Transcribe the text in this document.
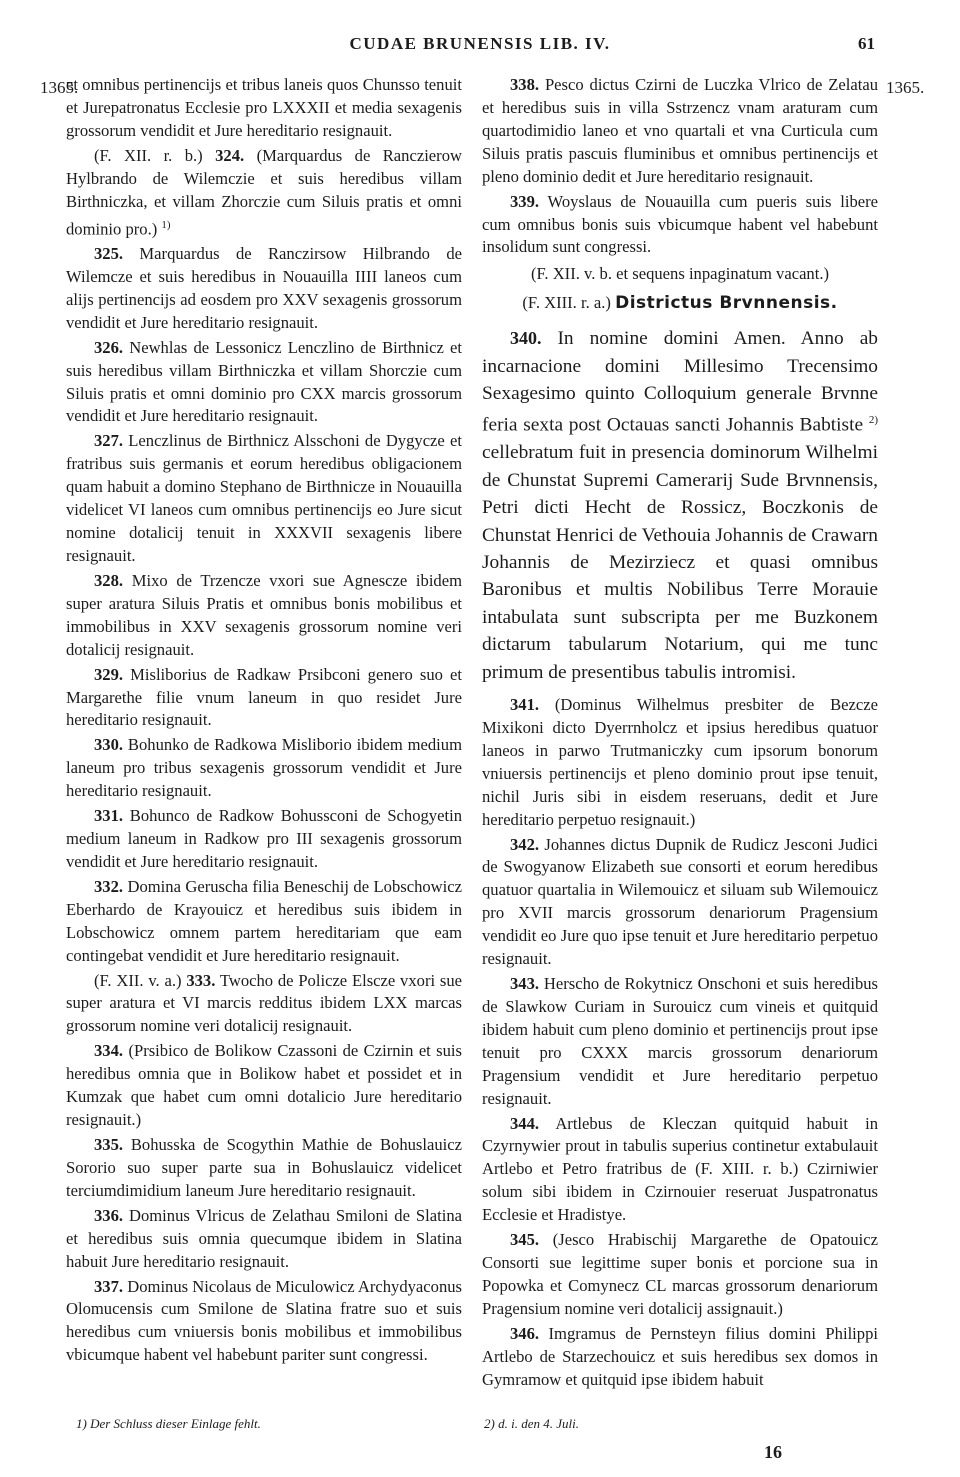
CUDAE BRUNENSIS LIB. IV.	61
1365.	1365.

et omnibus pertinencijs et tribus laneis quos Chunsso tenuit et Jurepatronatus Ecclesie pro LXXXII et media sexagenis grossorum vendidit et Jure hereditario resignauit.

(F. XII. r. b.) 324. (Marquardus de Ranczierow Hylbrando de Wilemczie et suis heredibus villam Birthniczka, et villam Zhorczie cum Siluis pratis et omni dominio pro.) $^{1)}$

325. Marquardus de Ranczirsow Hilbrando de Wilemcze et suis heredibus in Nouauilla IIII laneos cum alijs pertinencijs ad eosdem pro XXV sexagenis grossorum vendidit et Jure hereditario resignauit.

326. Newhlas de Lessonicz Lenczlino de Birthnicz et suis heredibus villam Birthniczka et villam Shorczie cum Siluis pratis et omni dominio pro CXX marcis grossorum vendidit et Jure hereditario resignauit.

327. Lenczlinus de Birthnicz Alsschoni de Dygycze et fratribus suis germanis et eorum heredibus obligacionem quam habuit a domino Stephano de Birthnicze in Nouauilla videlicet VI laneos cum omnibus pertinencijs eo Jure sicut nomine dotalicij tenuit in XXXVII sexagenis libere resignauit.

328. Mixo de Trzencze vxori sue Agnescze ibidem super aratura Siluis Pratis et omnibus bonis mobilibus et immobilibus in XXV sexagenis grossorum nomine veri dotalicij resignauit.

329. Misliborius de Radkaw Prsibconi genero suo et Margarethe filie vnum laneum in quo residet Jure hereditario resignauit.

330. Bohunko de Radkowa Misliborio ibidem medium laneum pro tribus sexagenis grossorum vendidit et Jure hereditario resignauit.

331. Bohunco de Radkow Bohussconi de Schogyetin medium laneum in Radkow pro III sexagenis grossorum vendidit et Jure hereditario resignauit.

332. Domina Geruscha filia Beneschij de Lobschowicz Eberhardo de Krayouicz et heredibus suis ibidem in Lobschowicz omnem partem hereditariam que eam contingebat vendidit et Jure hereditario resignauit.

(F. XII. v. a.) 333. Twocho de Policze Elscze vxori sue super aratura et VI marcis redditus ibidem LXX marcas grossorum nomine veri dotalicij resignauit.

334. (Prsibico de Bolikow Czassoni de Czirnin et suis heredibus omnia que in Bolikow habet et possidet et in Kumzak que habet cum omni dotalicio Jure hereditario resignauit.)

335. Bohusska de Scogythin Mathie de Bohuslauicz Sororio suo super parte sua in Bohuslauicz videlicet terciumdimidium laneum Jure hereditario resignauit.

336. Dominus Vlricus de Zelathau Smiloni de Slatina et heredibus suis omnia quecumque ibidem in Slatina habuit Jure hereditario resignauit.

337. Dominus Nicolaus de Miculowicz Archydyaconus Olomucensis cum Smilone de Slatina fratre suo et suis heredibus cum vniuersis bonis mobilibus et immobilibus vbicumque habent vel habebunt pariter sunt congressi.

338. Pesco dictus Czirni de Luczka Vlrico de Zelatau et heredibus suis in villa Sstrzencz vnam araturam cum quartodimidio laneo et vno quartali et vna Curticula cum Siluis pratis pascuis fluminibus et omnibus pertinencijs et pleno dominio dedit et Jure hereditario resignauit.

339. Woyslaus de Nouauilla cum pueris suis libere cum omnibus bonis suis vbicumque habent vel habebunt insolidum sunt congressi.

(F. XII. v. b. et sequens inpaginatum vacant.)

(F. XIII. r. a.) Districtus Brvnnensis.

340. In nomine domini Amen. Anno ab incarnacione domini Millesimo Trecensimo Sexagesimo quinto Colloquium generale Brvnne feria sexta post Octauas sancti Johannis Babtiste $^{2)}$ cellebratum fuit in presencia dominorum Wilhelmi de Chunstat Supremi Camerarij Sude Brvnnensis, Petri dicti Hecht de Rossicz, Boczkonis de Chunstat Henrici de Vethouia Johannis de Crawarn Johannis de Mezirziecz et quasi omnibus Baronibus et multis Nobilibus Terre Morauie intabulata sunt subscripta per me Buzkonem dictarum tabularum Notarium, qui me tunc primum de presentibus tabulis intromisi.

341. (Dominus Wilhelmus presbiter de Bezcze Mixikoni dicto Dyerrnholcz et ipsius heredibus quatuor laneos in parwo Trutmaniczky cum ipsorum bonorum vniuersis pertinencijs et pleno dominio prout ipse tenuit, nichil Juris sibi in eisdem reseruans, dedit et Jure hereditario perpetuo resignauit.)

342. Johannes dictus Dupnik de Rudicz Jesconi Judici de Swogyanow Elizabeth sue consorti et eorum heredibus quatuor quartalia in Wilemouicz et siluam sub Wilemouicz pro XVII marcis grossorum denariorum Pragensium vendidit eo Jure quo ipse tenuit et Jure hereditario perpetuo resignauit.

343. Herscho de Rokytnicz Onschoni et suis heredibus de Slawkow Curiam in Surouicz cum vineis et quitquid ibidem habuit cum pleno dominio et pertinencijs prout ipse tenuit pro CXXX marcis grossorum denariorum Pragensium vendidit et Jure hereditario perpetuo resignauit.

344. Artlebus de Kleczan quitquid habuit in Czyrnywier prout in tabulis superius continetur extabulauit Artlebo et Petro fratribus de (F. XIII. r. b.) Czirniwier solum sibi ibidem in Czirnouier reseruat Juspatronatus Ecclesie et Hradistye.

345. (Jesco Hrabischij Margarethe de Opatouicz Consorti sue legittime super bonis et porcione sua in Popowka et Comynecz CL marcas grossorum denariorum Pragensium nomine veri dotalicij assignauit.)

346. Imgramus de Pernsteyn filius domini Philippi Artlebo de Starzechouicz et suis heredibus sex domos in Gymramow et quitquid ipse ibidem habuit

1) Der Schluss dieser Einlage fehlt.	2) d. i. den 4. Juli.
16
